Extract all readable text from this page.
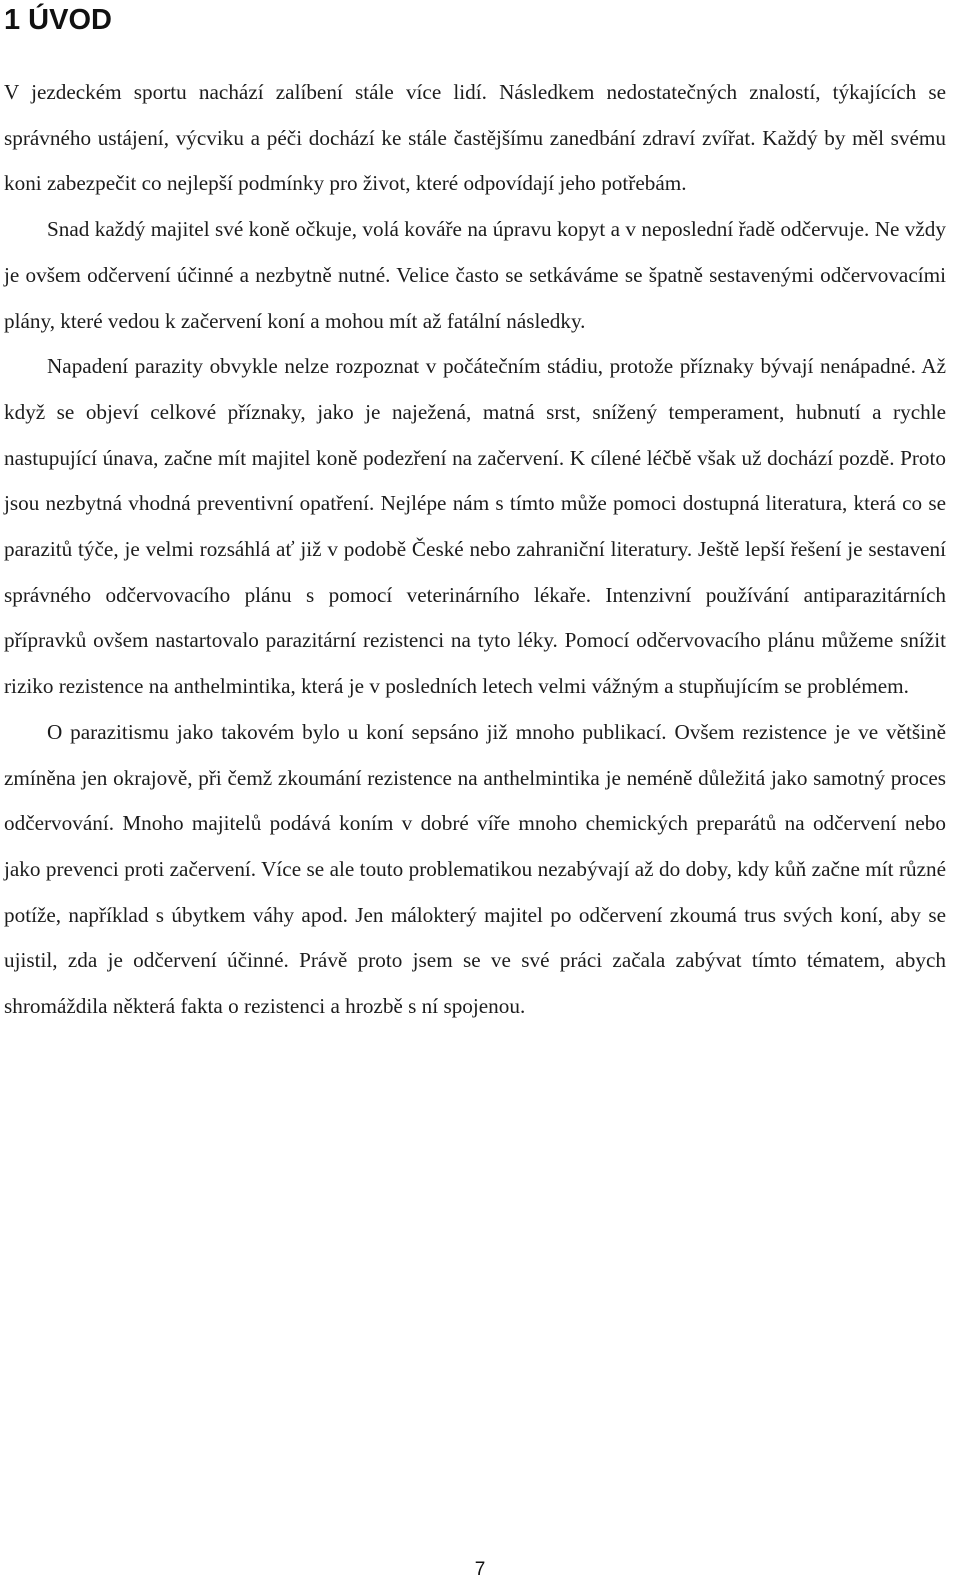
1 ÚVOD

V jezdeckém sportu nachází zalíbení stále více lidí. Následkem nedostatečných znalostí, týkajících se správného ustájení, výcviku a péči dochází ke stále častějšímu zanedbání zdraví zvířat. Každý by měl svému koni zabezpečit co nejlepší podmínky pro život, které odpovídají jeho potřebám.

Snad každý majitel své koně očkuje, volá kováře na úpravu kopyt a v neposlední řadě odčervuje. Ne vždy je ovšem odčervení účinné a nezbytně nutné. Velice často se setkáváme se špatně sestavenými odčervovacími plány, které vedou k začervení koní a mohou mít až fatální následky.

Napadení parazity obvykle nelze rozpoznat v počátečním stádiu, protože příznaky bývají nenápadné. Až když se objeví celkové příznaky, jako je naježená, matná srst, snížený temperament, hubnutí a rychle nastupující únava, začne mít majitel koně podezření na začervení. K cílené léčbě však už dochází pozdě. Proto jsou nezbytná vhodná preventivní opatření. Nejlépe nám s tímto může pomoci dostupná literatura, která co se parazitů týče, je velmi rozsáhlá ať již v podobě České nebo zahraniční literatury. Ještě lepší řešení je sestavení správného odčervovacího plánu s pomocí veterinárního lékaře. Intenzivní používání antiparazitárních přípravků ovšem nastartovalo parazitární rezistenci na tyto léky. Pomocí odčervovacího plánu můžeme snížit riziko rezistence na anthelmintika, která je v posledních letech velmi vážným a stupňujícím se problémem.

O parazitismu jako takovém bylo u koní sepsáno již mnoho publikací. Ovšem rezistence je ve většině zmíněna jen okrajově, při čemž zkoumání rezistence na anthelmintika je neméně důležitá jako samotný proces odčervování. Mnoho majitelů podává koním v dobré víře mnoho chemických preparátů na odčervení nebo jako prevenci proti začervení. Více se ale touto problematikou nezabývají až do doby, kdy kůň začne mít různé potíže, například s úbytkem váhy apod. Jen málokterý majitel po odčervení zkoumá trus svých koní, aby se ujistil, zda je odčervení účinné. Právě proto jsem se ve své práci začala zabývat tímto tématem, abych shromáždila některá fakta o rezistenci a hrozbě s ní spojenou.

7
